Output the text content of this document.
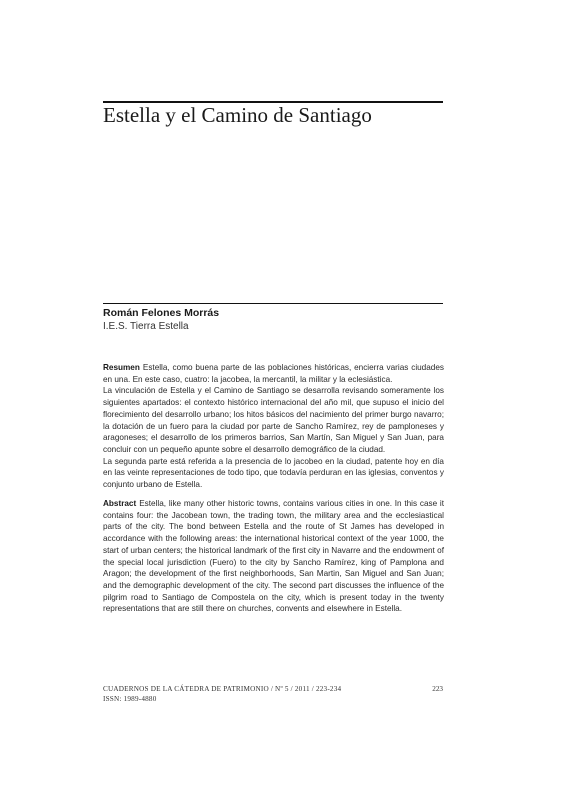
Estella y el Camino de Santiago
Román Felones Morrás
I.E.S. Tierra Estella

Resumen Estella, como buena parte de las poblaciones históricas, encierra varias ciudades en una. En este caso, cuatro: la jacobea, la mercantil, la militar y la eclesiástica.

La vinculación de Estella y el Camino de Santiago se desarrolla revisando someramente los siguientes apartados: el contexto histórico internacional del año mil, que supuso el inicio del florecimiento del desarrollo urbano; los hitos básicos del nacimiento del primer burgo navarro; la dotación de un fuero para la ciudad por parte de Sancho Ramírez, rey de pamploneses y aragoneses; el desarrollo de los primeros barrios, San Martín, San Miguel y San Juan, para concluir con un pequeño apunte sobre el desarrollo demográfico de la ciudad.

La segunda parte está referida a la presencia de lo jacobeo en la ciudad, patente hoy en día en las veinte representaciones de todo tipo, que todavía perduran en las iglesias, conventos y conjunto urbano de Estella.

Abstract Estella, like many other historic towns, contains various cities in one. In this case it contains four: the Jacobean town, the trading town, the military area and the ecclesiastical parts of the city. The bond between Estella and the route of St James has developed in accordance with the following areas: the international historical context of the year 1000, the start of urban centers; the historical landmark of the first city in Navarre and the endowment of the special local jurisdiction (Fuero) to the city by Sancho Ramírez, king of Pamplona and Aragon; the development of the first neighborhoods, San Martin, San Miguel and San Juan; and the demographic development of the city. The second part discusses the influence of the pilgrim road to Santiago de Compostela on the city, which is present today in the twenty representations that are still there on churches, convents and elsewhere in Estella.

CUADERNOS DE LA CÁTEDRA DE PATRIMONIO / Nº 5 / 2011 / 223-234
ISSN: 1989-4880
223
